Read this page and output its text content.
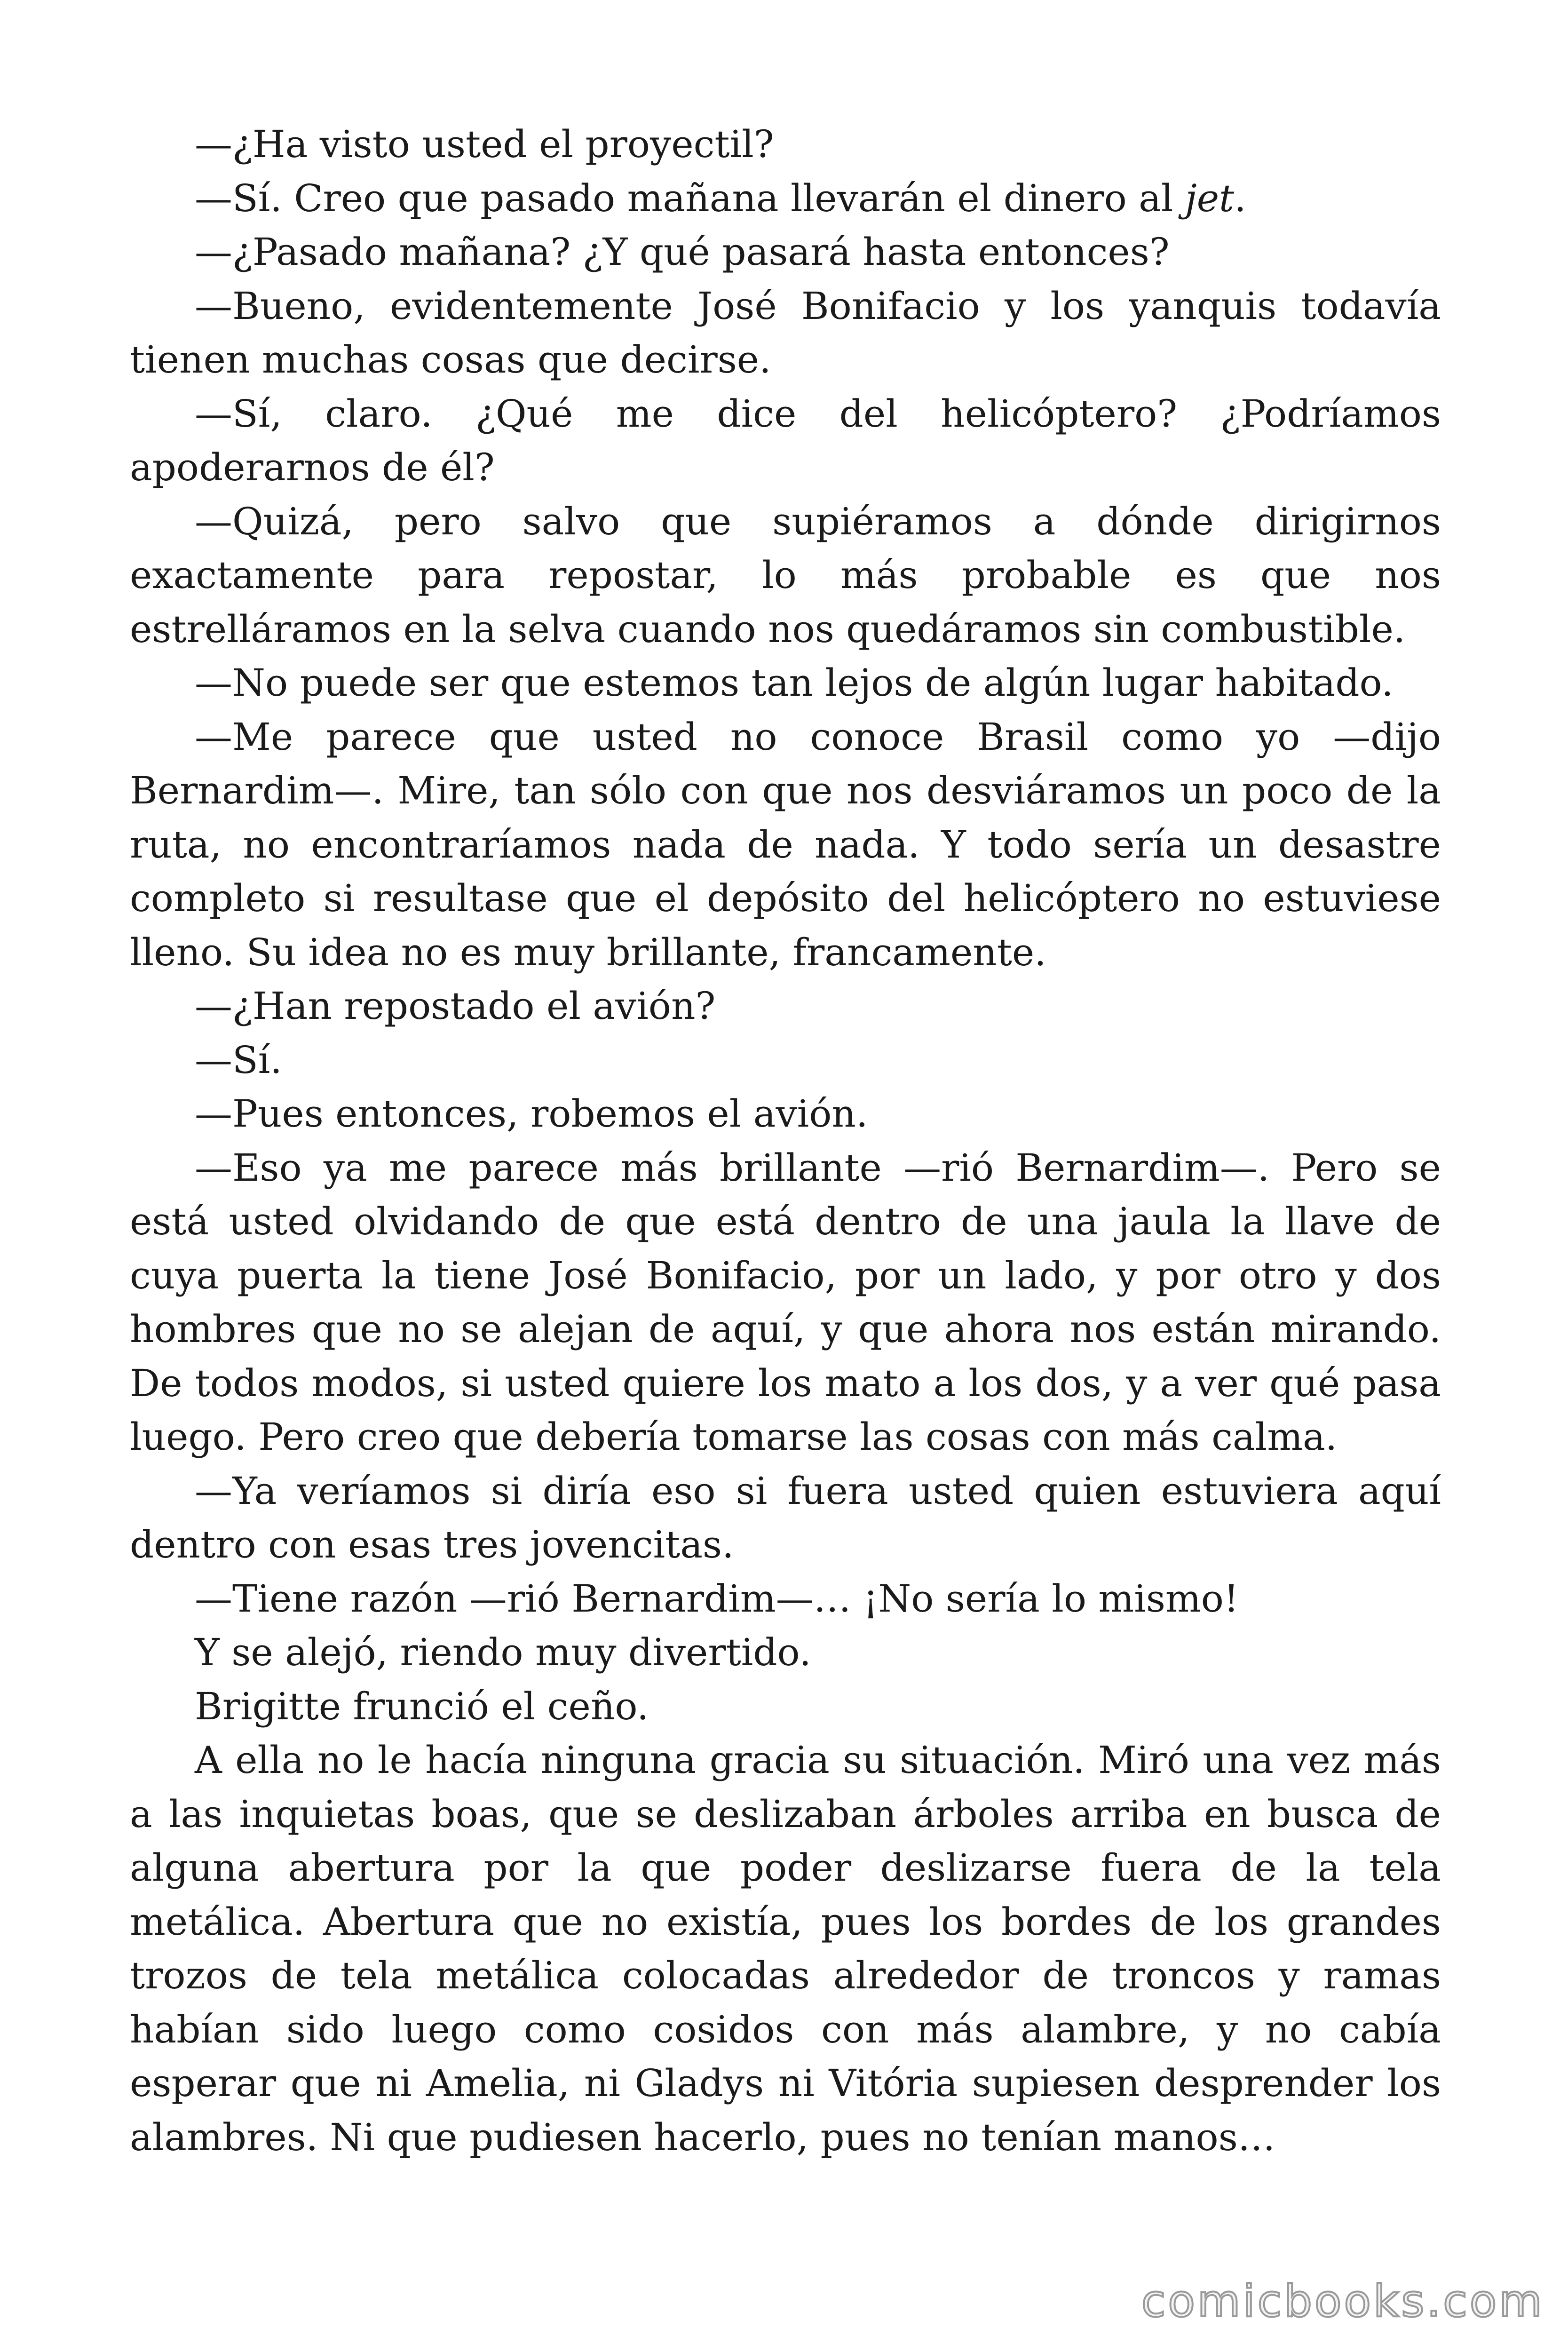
—¿Ha visto usted el proyectil?

—Sí. Creo que pasado mañana llevarán el dinero al jet.

—¿Pasado mañana? ¿Y qué pasará hasta entonces?

—Bueno, evidentemente José Bonifacio y los yanquis todavía tienen muchas cosas que decirse.

—Sí, claro. ¿Qué me dice del helicóptero? ¿Podríamos apoderarnos de él?

—Quizá, pero salvo que supiéramos a dónde dirigirnos exactamente para repostar, lo más probable es que nos estrelláramos en la selva cuando nos quedáramos sin combustible.

—No puede ser que estemos tan lejos de algún lugar habitado.

—Me parece que usted no conoce Brasil como yo —dijo Bernardim—. Mire, tan sólo con que nos desviáramos un poco de la ruta, no encontraríamos nada de nada. Y todo sería un desastre completo si resultase que el depósito del helicóptero no estuviese lleno. Su idea no es muy brillante, francamente.

—¿Han repostado el avión?

—Sí.

—Pues entonces, robemos el avión.

—Eso ya me parece más brillante —rió Bernardim—. Pero se está usted olvidando de que está dentro de una jaula la llave de cuya puerta la tiene José Bonifacio, por un lado, y por otro y dos hombres que no se alejan de aquí, y que ahora nos están mirando. De todos modos, si usted quiere los mato a los dos, y a ver qué pasa luego. Pero creo que debería tomarse las cosas con más calma.

—Ya veríamos si diría eso si fuera usted quien estuviera aquí dentro con esas tres jovencitas.

—Tiene razón —rió Bernardim—… ¡No sería lo mismo!

Y se alejó, riendo muy divertido.

Brigitte frunció el ceño.

A ella no le hacía ninguna gracia su situación. Miró una vez más a las inquietas boas, que se deslizaban árboles arriba en busca de alguna abertura por la que poder deslizarse fuera de la tela metálica. Abertura que no existía, pues los bordes de los grandes trozos de tela metálica colocadas alrededor de troncos y ramas habían sido luego como cosidos con más alambre, y no cabía esperar que ni Amelia, ni Gladys ni Vitória supiesen desprender los alambres. Ni que pudiesen hacerlo, pues no tenían manos…

comicbooks.com
